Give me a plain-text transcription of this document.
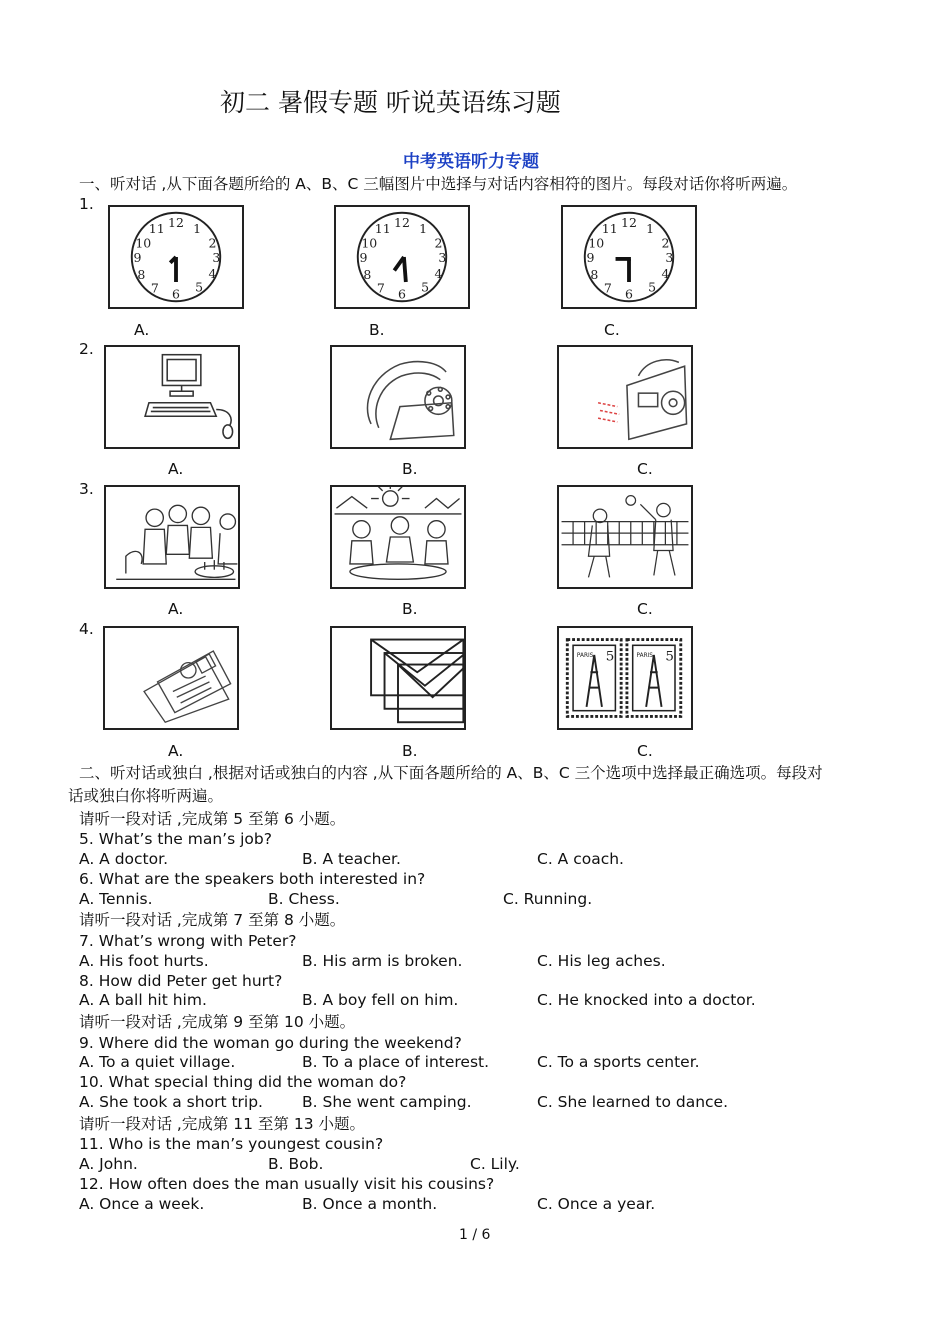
初二 暑假专题 听说英语练习题
中考英语听力专题
一、听对话 ,从下面各题所给的 A、B、C 三幅图片中选择与对话内容相符的图片。每段对话你将听两遍。
1.
2.
3.
4.
12 1
2
3
4
5
6
7
8
9
10
11	12 1
2
3
4
5
6
7
8
9
10
11	12 1
2
3
4
5
6
7
8
9
10
11
PARIS	PARIS
5	5
A.	B.	C.
A.	B.	C.
A.	B.	C.
A.	B.	C.
二、听对话或独白 ,根据对话或独白的内容 ,从下面各题所给的 A、B、C 三个选项中选择最正确选项。每段对
话或独白你将听两遍。
请听一段对话 ,完成第 5 至第 6 小题。
5. What’s the man’s job?
A. A doctor.	B. A teacher.	C. A coach.
6. What are the speakers both interested in?
A. Tennis.	B. Chess.	C. Running.
请听一段对话 ,完成第 7 至第 8 小题。
7. What’s wrong with Peter?
A. His foot hurts.	B. His arm is broken.	C. His leg aches.
8. How did Peter get hurt?
A. A ball hit him.	B. A boy fell on him.	C. He knocked into a doctor.
请听一段对话 ,完成第 9 至第 10 小题。
9. Where did the woman go during the weekend?
A. To a quiet village.	B. To a place of interest.	C. To a sports center.
10. What special thing did the woman do?
A. She took a short trip.	B. She went camping.	C. She learned to dance.
请听一段对话 ,完成第 11 至第 13 小题。
11. Who is the man’s youngest cousin?
A. John.	B. Bob.	C. Lily.
12. How often does the man usually visit his cousins?
A. Once a week.	B. Once a month.	C. Once a year.
1 / 6
